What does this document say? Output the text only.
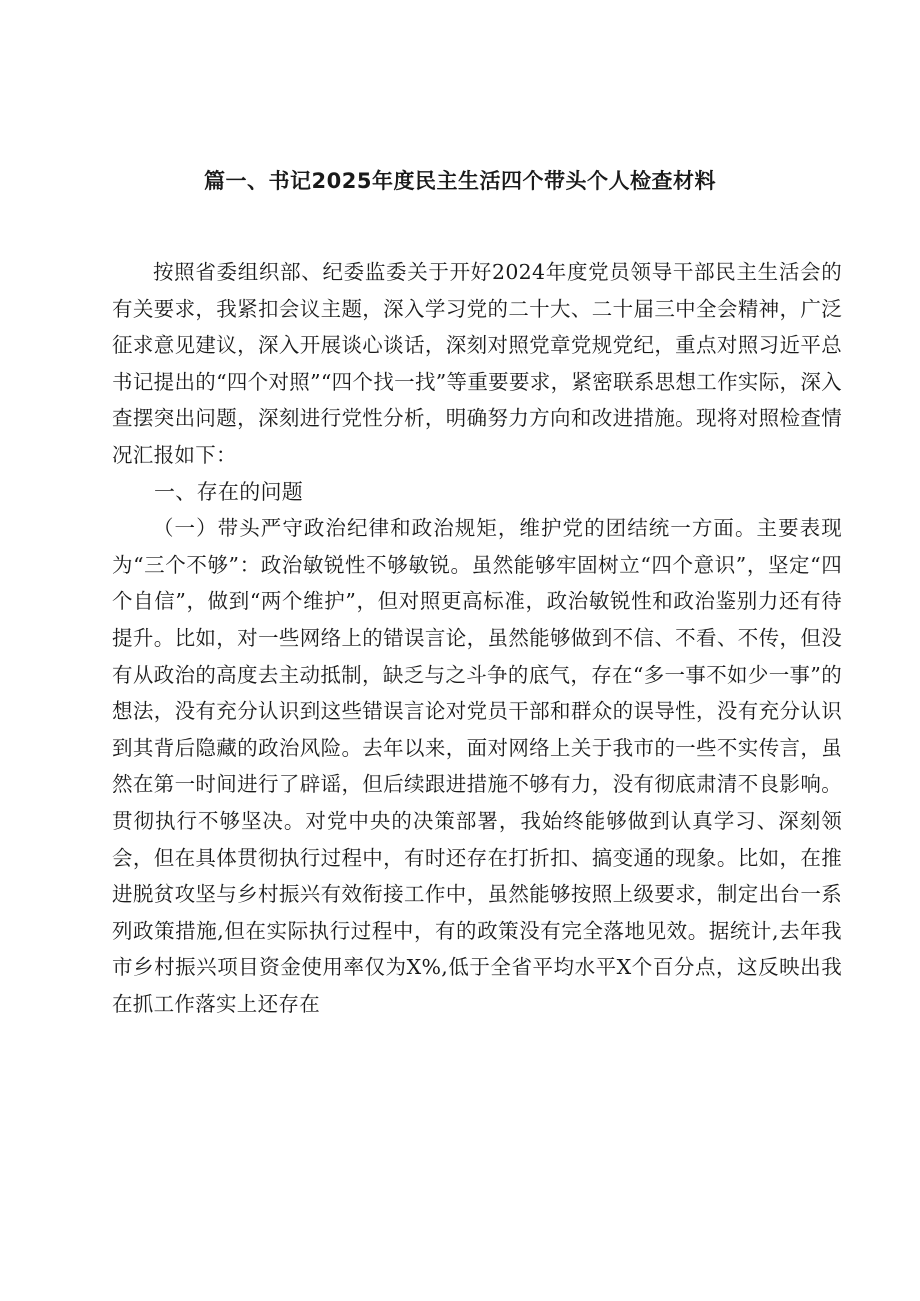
篇一、书记2025年度民主生活四个带头个人检查材料

按照省委组织部、纪委监委关于开好2024年度党员领导干部民主生活会的有关要求，我紧扣会议主题，深入学习党的二十大、二十届三中全会精神，广泛征求意见建议，深入开展谈心谈话，深刻对照党章党规党纪，重点对照习近平总书记提出的“四个对照”“四个找一找”等重要要求，紧密联系思想工作实际，深入查摆突出问题，深刻进行党性分析，明确努力方向和改进措施。现将对照检查情况汇报如下：

一、存在的问题

（一）带头严守政治纪律和政治规矩，维护党的团结统一方面。主要表现为“三个不够”：政治敏锐性不够敏锐。虽然能够牢固树立“四个意识”，坚定“四个自信”，做到“两个维护”，但对照更高标准，政治敏锐性和政治鉴别力还有待提升。比如，对一些网络上的错误言论，虽然能够做到不信、不看、不传，但没有从政治的高度去主动抵制，缺乏与之斗争的底气，存在“多一事不如少一事”的想法，没有充分认识到这些错误言论对党员干部和群众的误导性，没有充分认识到其背后隐藏的政治风险。去年以来，面对网络上关于我市的一些不实传言，虽然在第一时间进行了辟谣，但后续跟进措施不够有力，没有彻底肃清不良影响。贯彻执行不够坚决。对党中央的决策部署，我始终能够做到认真学习、深刻领会，但在具体贯彻执行过程中，有时还存在打折扣、搞变通的现象。比如，在推进脱贫攻坚与乡村振兴有效衔接工作中，虽然能够按照上级要求，制定出台一系列政策措施,但在实际执行过程中，有的政策没有完全落地见效。据统计,去年我市乡村振兴项目资金使用率仅为X%,低于全省平均水平X个百分点，这反映出我在抓工作落实上还存在
